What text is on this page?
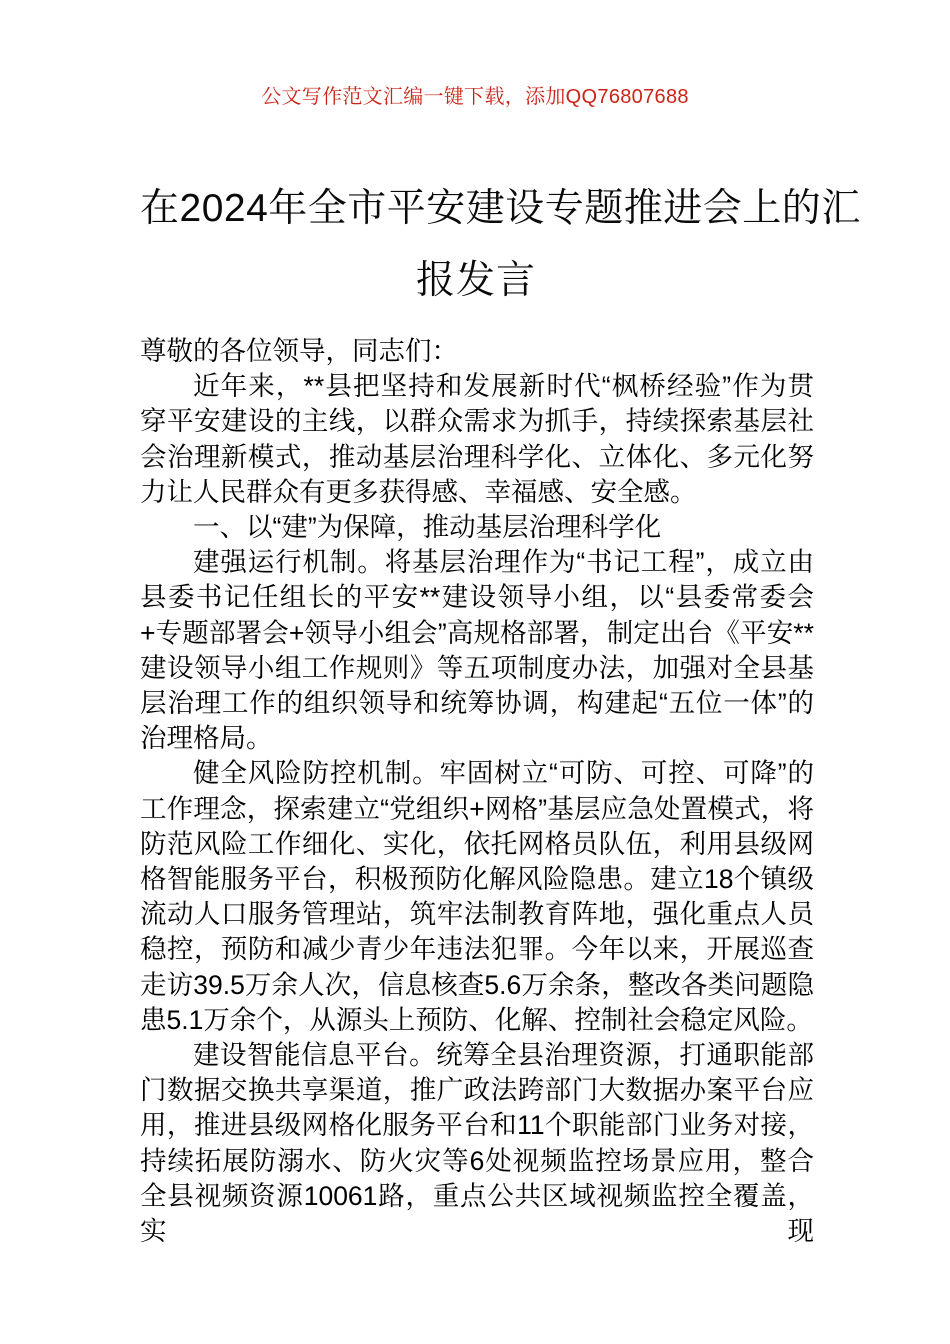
公文写作范文汇编一键下载，添加QQ76807688
在2024年全市平安建设专题推进会上的汇
报发言

尊敬的各位领导，同志们：

近年来，**县把坚持和发展新时代“枫桥经验”作为贯穿平安建设的主线，以群众需求为抓手，持续探索基层社会治理新模式，推动基层治理科学化、立体化、多元化努力让人民群众有更多获得感、幸福感、安全感。

一、以“建”为保障，推动基层治理科学化

建强运行机制。将基层治理作为“书记工程”，成立由县委书记任组长的平安**建设领导小组，以“县委常委会+专题部署会+领导小组会”高规格部署，制定出台《平安**建设领导小组工作规则》等五项制度办法，加强对全县基层治理工作的组织领导和统筹协调，构建起“五位一体”的治理格局。

健全风险防控机制。牢固树立“可防、可控、可降”的工作理念，探索建立“党组织+网格”基层应急处置模式，将防范风险工作细化、实化，依托网格员队伍，利用县级网格智能服务平台，积极预防化解风险隐患。建立18个镇级流动人口服务管理站，筑牢法制教育阵地，强化重点人员稳控，预防和减少青少年违法犯罪。今年以来，开展巡查走访39.5万余人次，信息核查5.6万余条，整改各类问题隐患5.1万余个，从源头上预防、化解、控制社会稳定风险。

建设智能信息平台。统筹全县治理资源，打通职能部门数据交换共享渠道，推广政法跨部门大数据办案平台应用，推进县级网格化服务平台和11个职能部门业务对接，持续拓展防溺水、防火灾等6处视频监控场景应用，整合全县视频资源10061路，重点公共区域视频监控全覆盖，实现
